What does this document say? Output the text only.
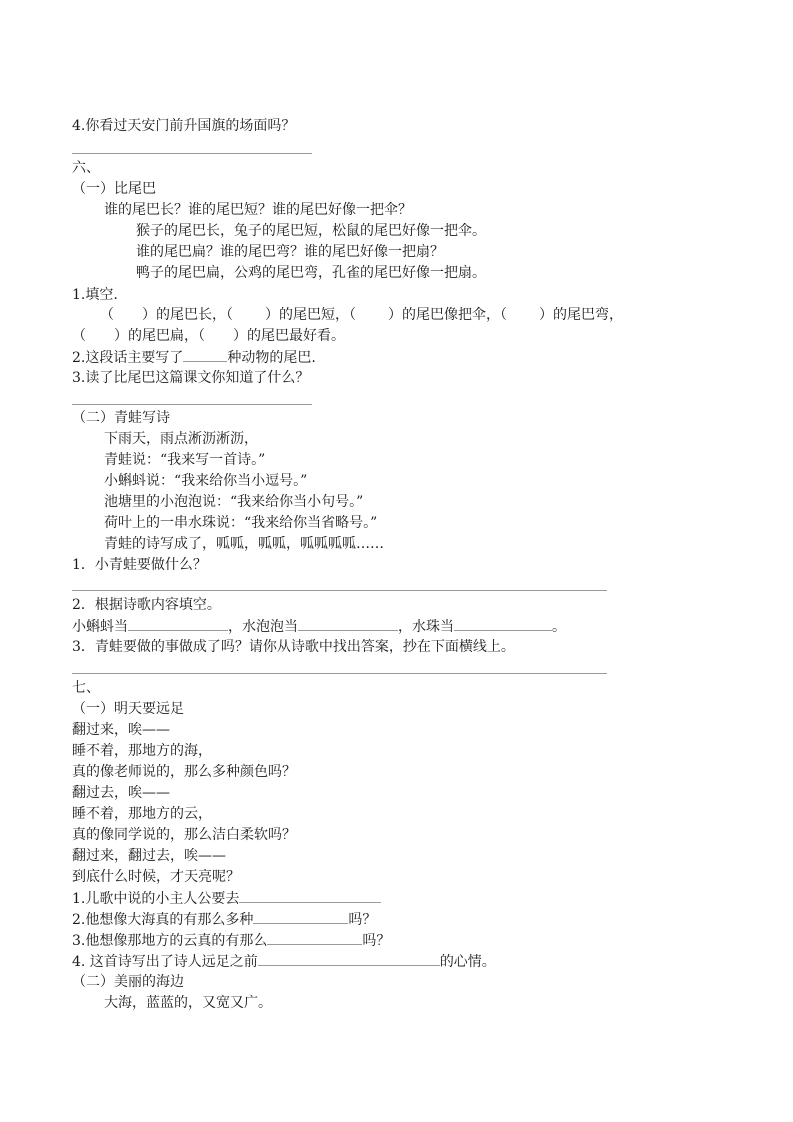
4.你看过天安门前升国旗的场面吗？
六、
（一）比尾巴
谁的尾巴长？谁的尾巴短？谁的尾巴好像一把伞？
猴子的尾巴长，兔子的尾巴短，松鼠的尾巴好像一把伞。
谁的尾巴扁？谁的尾巴弯？谁的尾巴好像一把扇？
鸭子的尾巴扁，公鸡的尾巴弯，孔雀的尾巴好像一把扇。
1.填空.
（ ）的尾巴长，（ ）的尾巴短，（ ）的尾巴像把伞，（ ）的尾巴弯，
（ ）的尾巴扁，（ ）的尾巴最好看。
2.这段话主要写了	种动物的尾巴.
3.读了比尾巴这篇课文你知道了什么？
（二）青蛙写诗
下雨天，雨点淅沥淅沥，
青蛙说：“我来写一首诗。”
小蝌蚪说：“我来给你当小逗号。”
池塘里的小泡泡说：“我来给你当小句号。”
荷叶上的一串水珠说：“我来给你当省略号。”
青蛙的诗写成了，呱呱，呱呱，呱呱呱呱……
1．小青蛙要做什么？
2．根据诗歌内容填空。
小蝌蚪当	，水泡泡当	，水珠当	。
3．青蛙要做的事做成了吗？请你从诗歌中找出答案，抄在下面横线上。
七、
（一）明天要远足
翻过来，唉——
睡不着，那地方的海，
真的像老师说的，那么多种颜色吗？
翻过去，唉——
睡不着，那地方的云，
真的像同学说的，那么洁白柔软吗？
翻过来，翻过去，唉——
到底什么时候，才天亮呢？
1.儿歌中说的小主人公要去
2.他想像大海真的有那么多种	吗？
3.他想像那地方的云真的有那么	吗？
4. 这首诗写出了诗人远足之前	的心情。
（二）美丽的海边
大海，蓝蓝的，又宽又广。
